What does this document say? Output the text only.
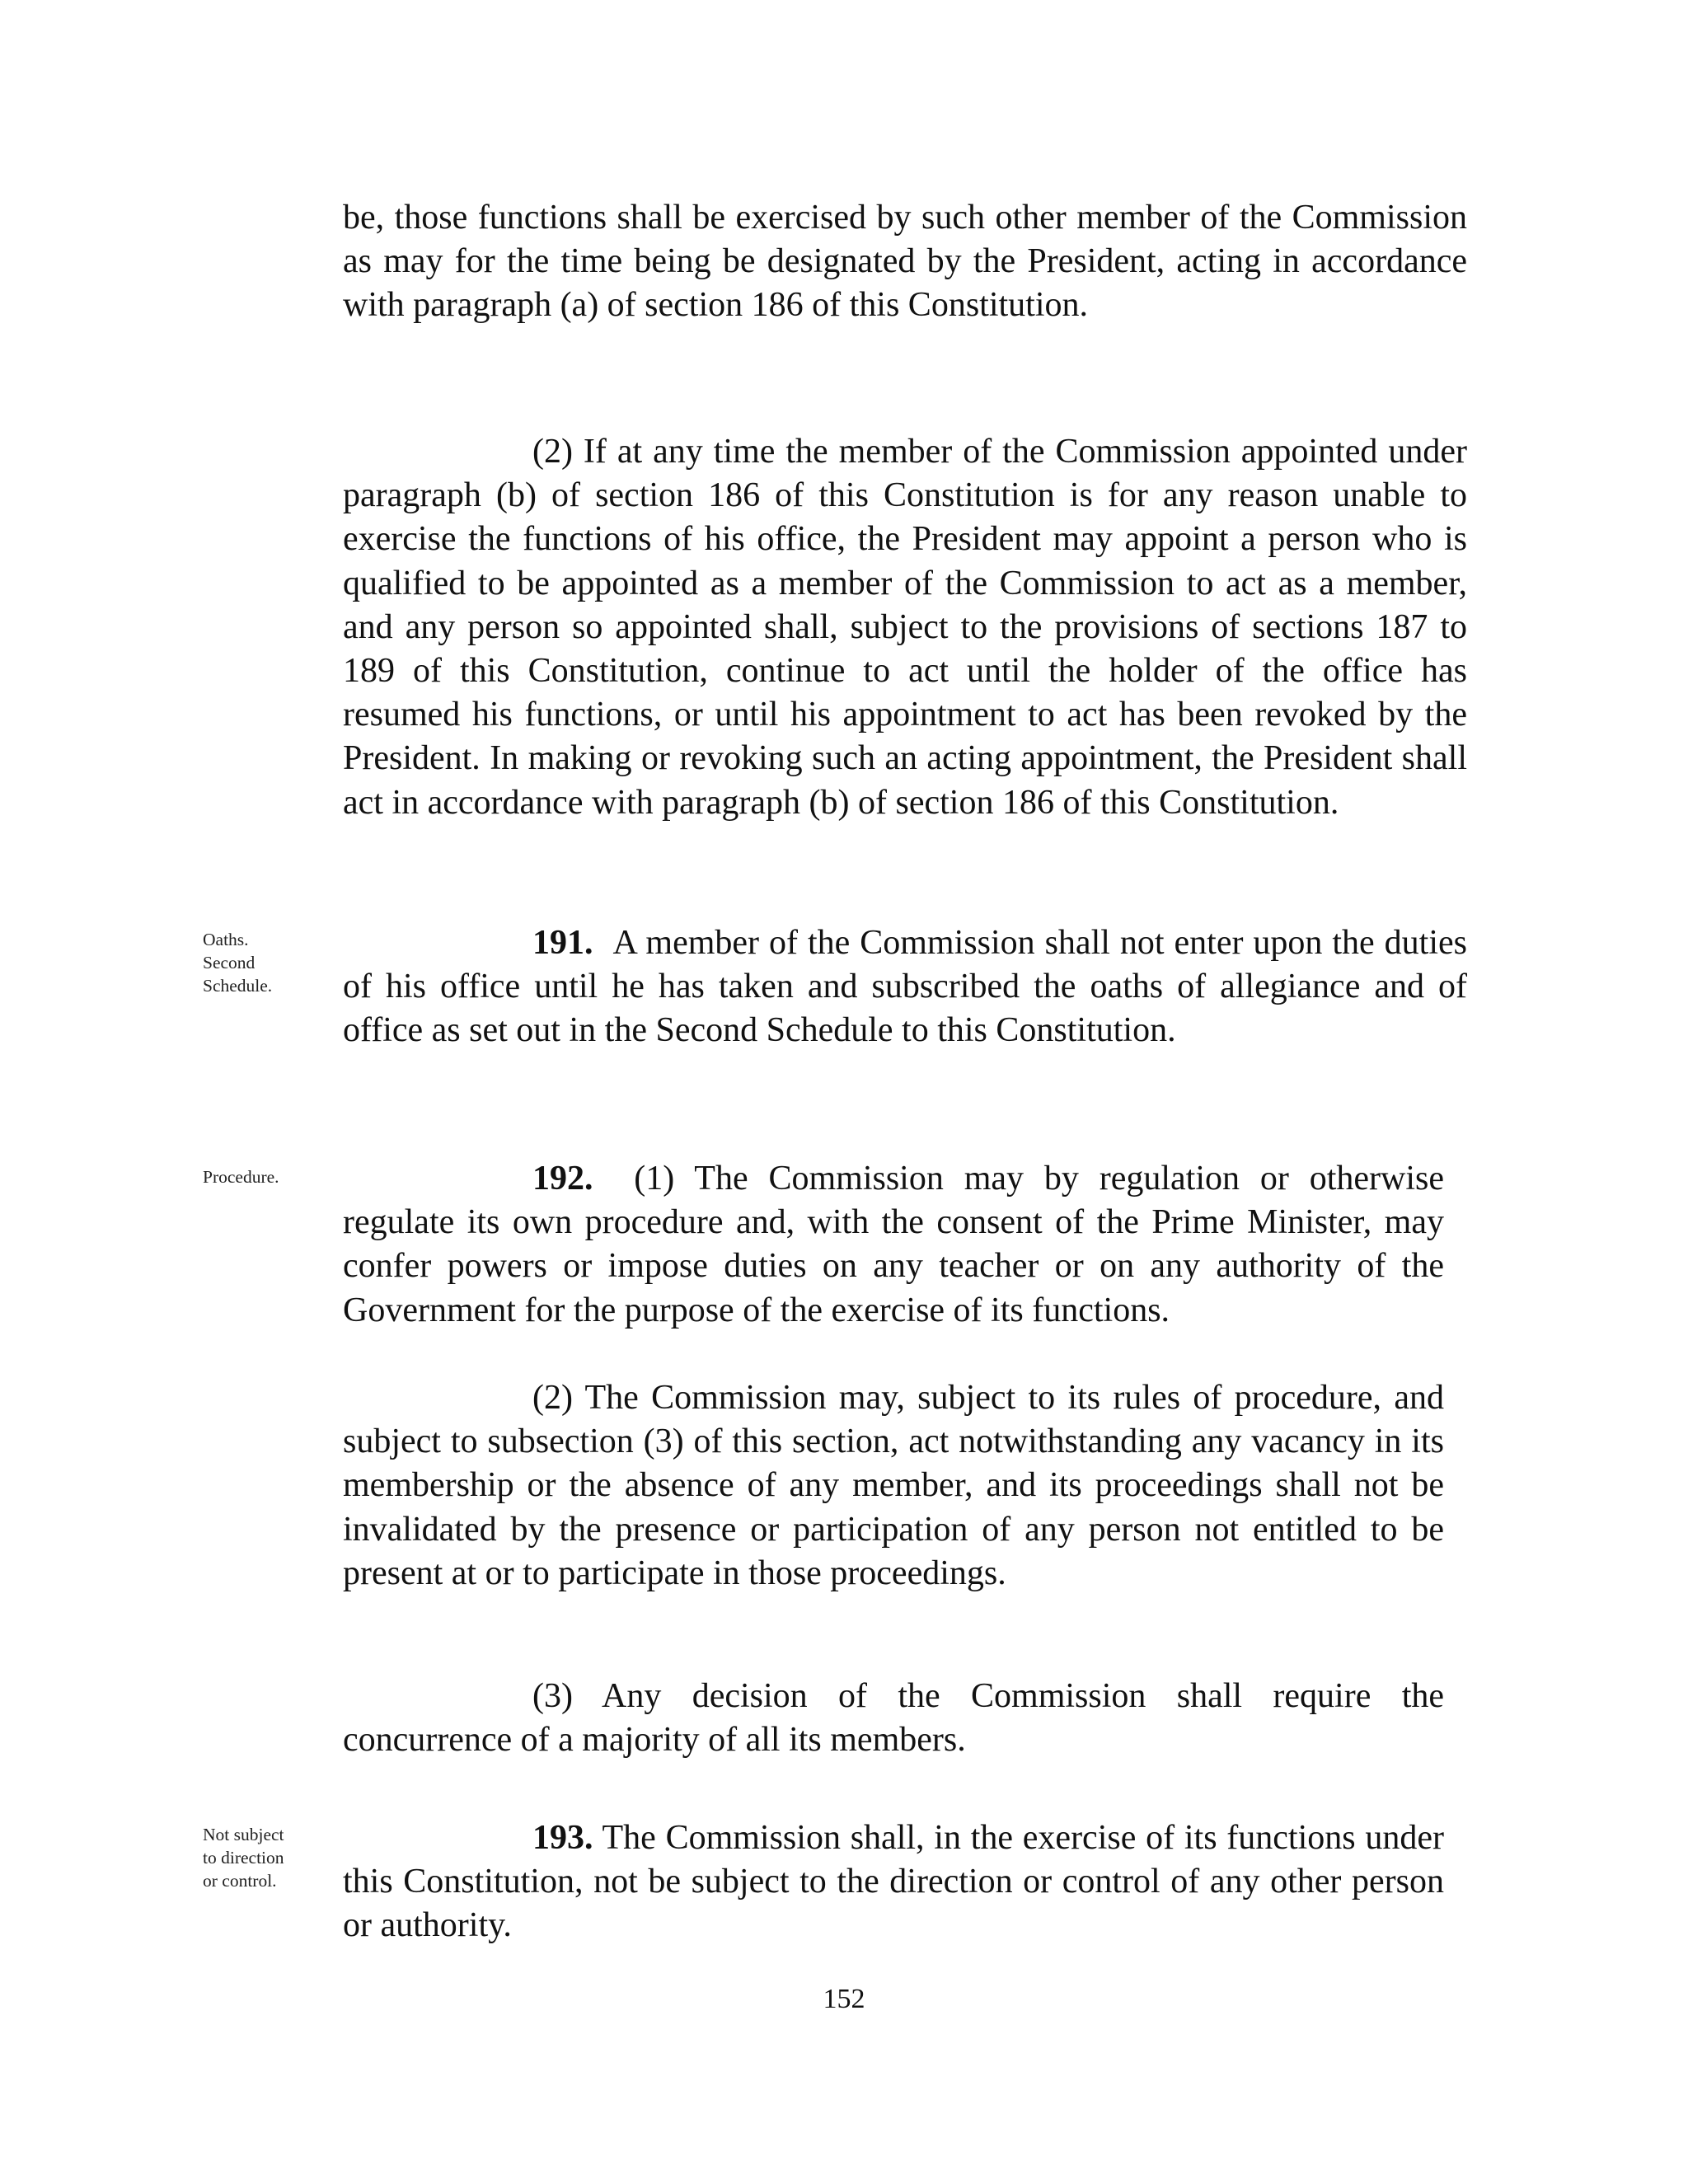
be, those functions shall be exercised by such other member of the Commission as may for the time being be designated by the President, acting in accordance with paragraph (a) of section 186 of this Constitution.

(2) If at any time the member of the Commission appointed under paragraph (b) of section 186 of this Constitution is for any reason unable to exercise the functions of his office, the President may appoint a person who is qualified to be appointed as a member of the Commission to act as a member, and any person so appointed shall, subject to the provisions of sections 187 to 189 of this Constitution, continue to act until the holder of the office has resumed his functions, or until his appointment to act has been revoked by the President. In making or revoking such an acting appointment, the President shall act in accordance with paragraph (b) of section 186 of this Constitution.

Oaths.
Second
Schedule.

191. A member of the Commission shall not enter upon the duties of his office until he has taken and subscribed the oaths of allegiance and of office as set out in the Second Schedule to this Constitution.

Procedure.	192. (1) The Commission may by regulation or otherwise regulate its own procedure and, with the consent of the Prime Minister, may confer powers or impose duties on any teacher or on any authority of the Government for the purpose of the exercise of its functions.

(2) The Commission may, subject to its rules of procedure, and subject to subsection (3) of this section, act notwithstanding any vacancy in its membership or the absence of any member, and its proceedings shall not be invalidated by the presence or participation of any person not entitled to be present at or to participate in those proceedings.

(3) Any decision of the Commission shall require the concurrence of a majority of all its members.

Not subject
to direction
or control.

193. The Commission shall, in the exercise of its functions under this Constitution, not be subject to the direction or control of any other person or authority.

152
